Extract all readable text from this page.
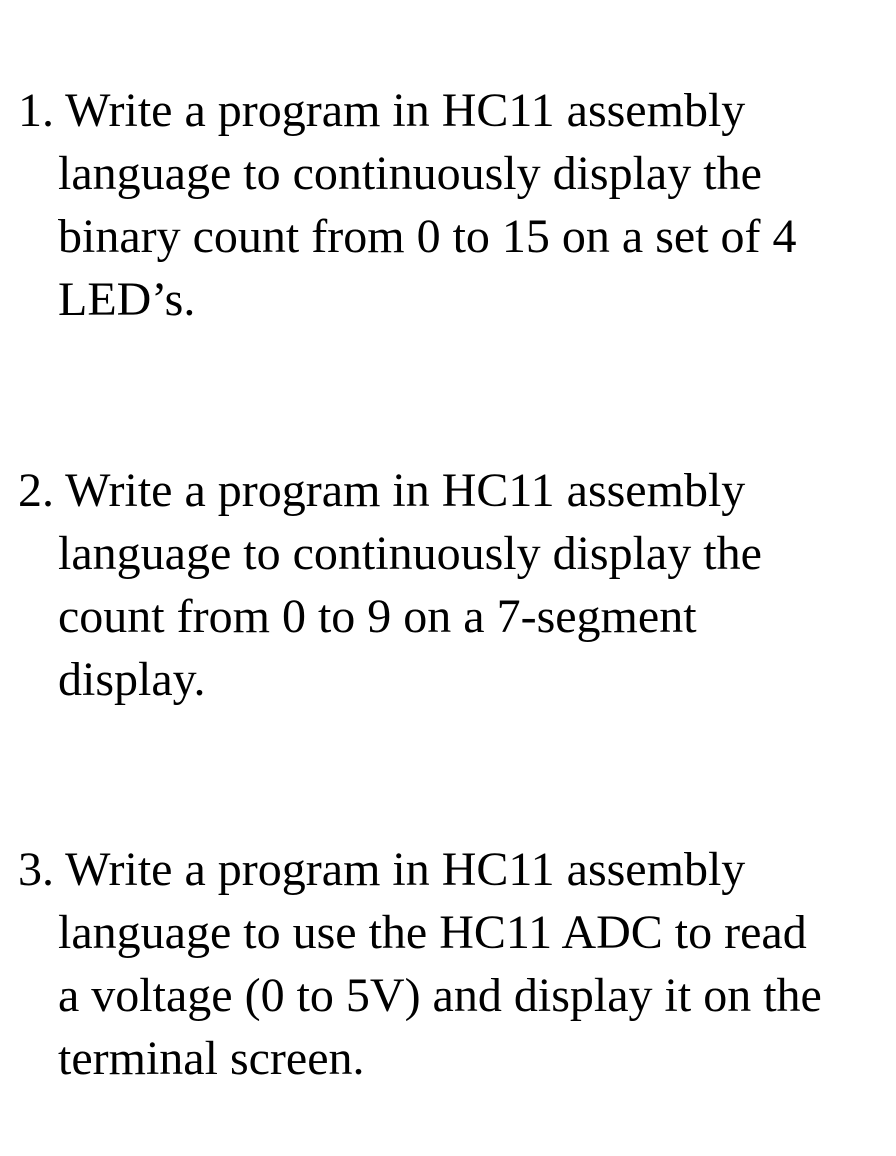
1. Write a program in HC11 assembly
language to continuously display the
binary count from 0 to 15 on a set of 4
LED’s.
2. Write a program in HC11 assembly
language to continuously display the
count from 0 to 9 on a 7-segment
display.
3. Write a program in HC11 assembly
language to use the HC11 ADC to read
a voltage (0 to 5V) and display it on the
terminal screen.
